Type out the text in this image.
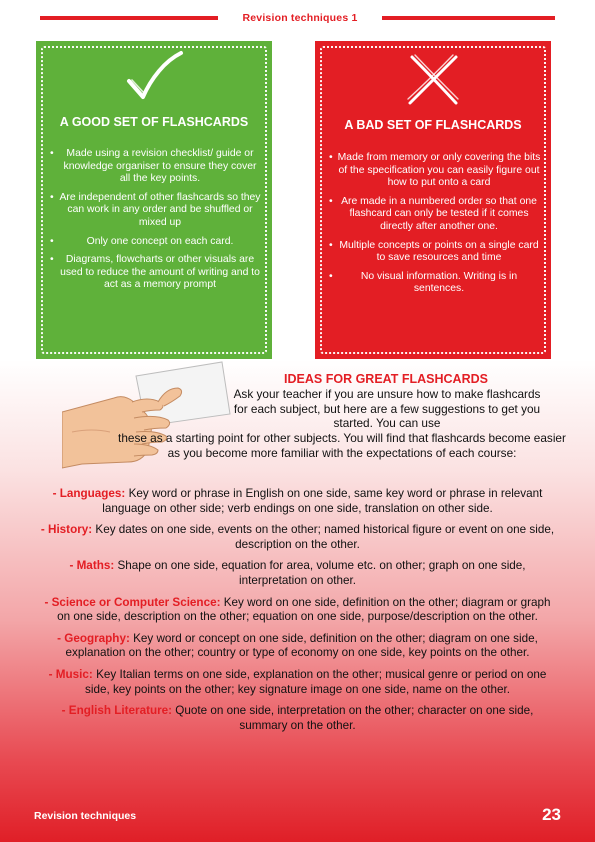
Revision techniques 1
A GOOD SET OF FLASHCARDS
• Made using a revision checklist/ guide or knowledge organiser to ensure they cover all the key points.
• Are independent of other flashcards so they can work in any order and be shuffled or mixed up
• Only one concept on each card.
• Diagrams, flowcharts or other visuals are used to reduce the amount of writing and to act as a memory prompt
A BAD SET OF FLASHCARDS
• Made from memory or only covering the bits of the specification you can easily figure out how to put onto a card
• Are made in a numbered order so that one flashcard can only be tested if it comes directly after another one.
• Multiple concepts or points on a single card to save resources and time
• No visual information. Writing is in sentences.
IDEAS FOR GREAT FLASHCARDS
Ask your teacher if you are unsure how to make flashcards for each subject, but here are a few suggestions to get you started. You can use
these as a starting point for other subjects. You will find that flashcards become easier as you become more familiar with the expectations of each course:
- Languages: Key word or phrase in English on one side, same key word or phrase in relevant language on other side; verb endings on one side, translation on other side.
- History: Key dates on one side, events on the other; named historical figure or event on one side, description on the other.
- Maths: Shape on one side, equation for area, volume etc. on other; graph on one side, interpretation on other.
- Science or Computer Science: Key word on one side, definition on the other; diagram or graph on one side, description on the other; equation on one side, purpose/description on the other.
- Geography: Key word or concept on one side, definition on the other; diagram on one side, explanation on the other; country or type of economy on one side, key points on the other.
- Music: Key Italian terms on one side, explanation on the other; musical genre or period on one side, key points on the other; key signature image on one side, name on the other.
- English Literature: Quote on one side, interpretation on the other; character on one side, summary on the other.
Revision techniques	23
